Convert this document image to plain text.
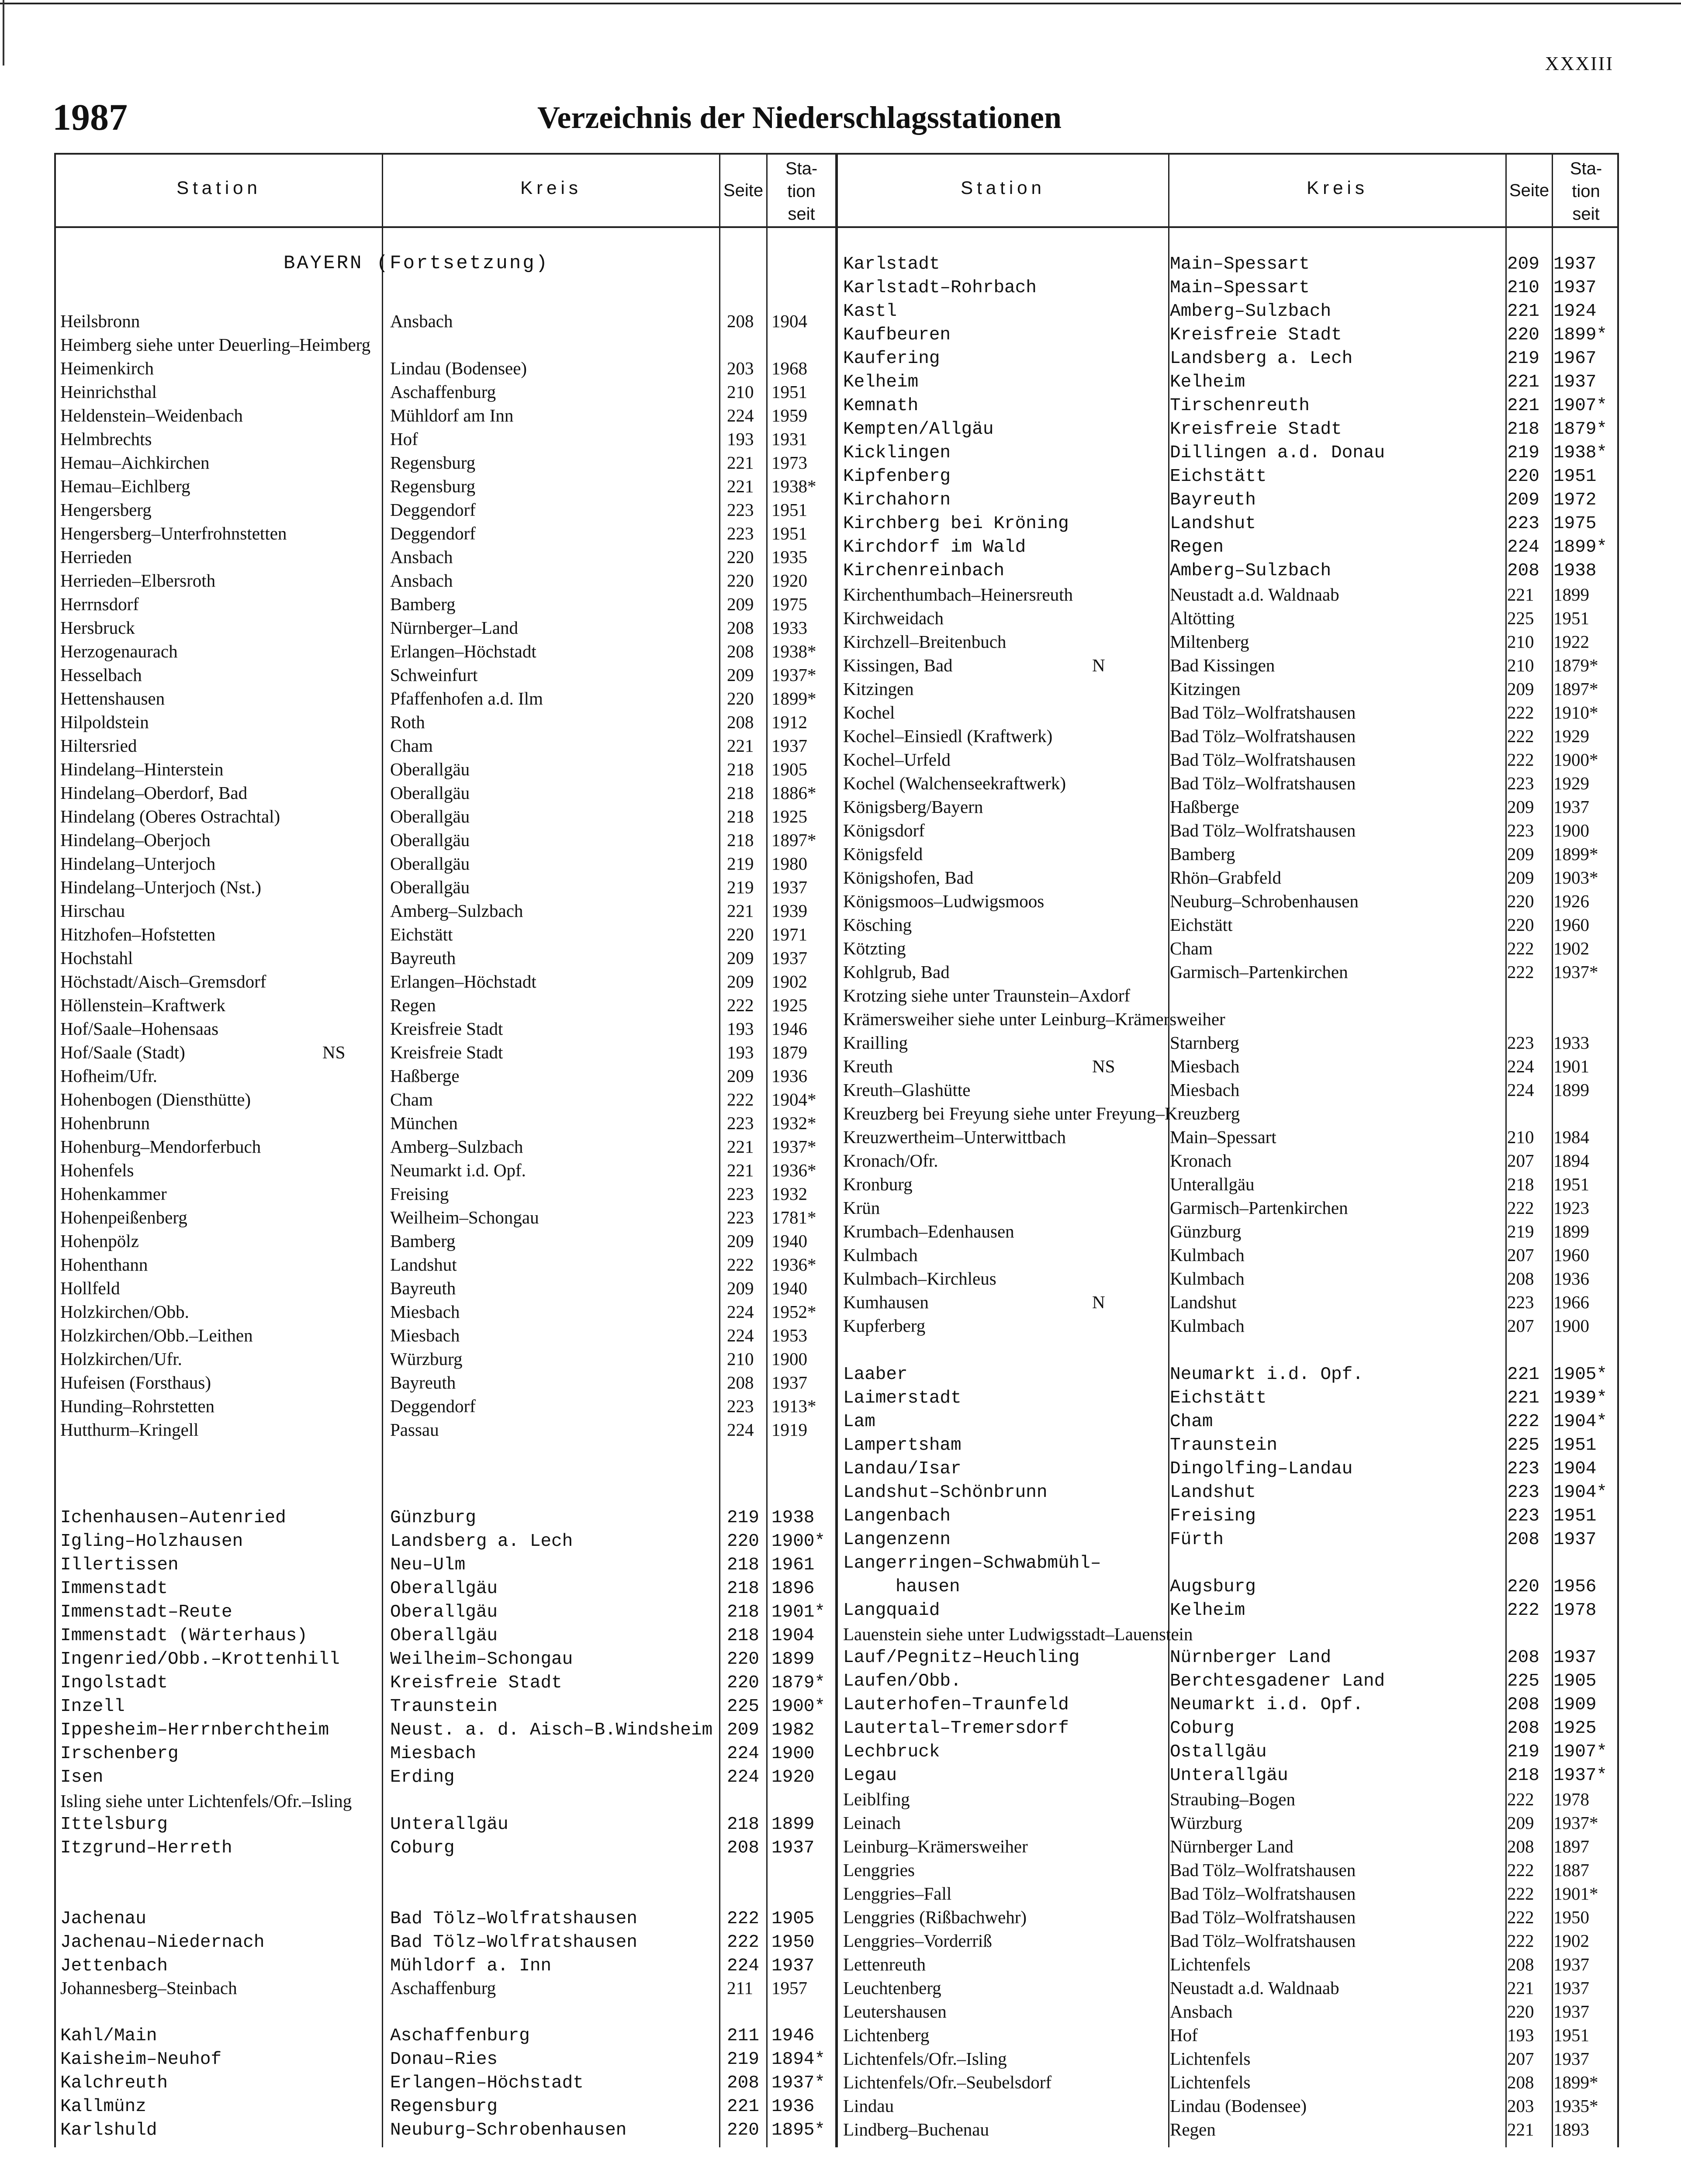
XXXIII
1987	Verzeichnis der Niederschlagsstationen
Station	Kreis	Seite
Sta-
tion
seit
Station	Kreis	Seite
Sta-
tion
seit
BAYERN (Fortsetzung)
Heilsbronn	Ansbach	208 1904
Heimberg siehe unter Deuerling–Heimberg
Heimenkirch	Lindau (Bodensee)	203 1968
Heinrichsthal	Aschaffenburg	210 1951
Heldenstein–Weidenbach	Mühldorf am Inn	224 1959
Helmbrechts	Hof	193 1931
Hemau–Aichkirchen	Regensburg	221 1973
Hemau–Eichlberg	Regensburg	221 1938*
Hengersberg	Deggendorf	223 1951
Hengersberg–Unterfrohnstetten	Deggendorf	223 1951
Herrieden	Ansbach	220 1935
Herrieden–Elbersroth	Ansbach	220 1920
Herrnsdorf	Bamberg	209 1975
Hersbruck	Nürnberger–Land	208 1933
Herzogenaurach	Erlangen–Höchstadt	208 1938*
Hesselbach	Schweinfurt	209 1937*
Hettenshausen	Pfaffenhofen a.d. Ilm	220 1899*
Hilpoldstein	Roth	208 1912
Hiltersried	Cham	221 1937
Hindelang–Hinterstein	Oberallgäu	218 1905
Hindelang–Oberdorf, Bad	Oberallgäu	218 1886*
Hindelang (Oberes Ostrachtal)	Oberallgäu	218 1925
Hindelang–Oberjoch	Oberallgäu	218 1897*
Hindelang–Unterjoch	Oberallgäu	219 1980
Hindelang–Unterjoch (Nst.)	Oberallgäu	219 1937
Hirschau	Amberg–Sulzbach	221 1939
Hitzhofen–Hofstetten	Eichstätt	220 1971
Hochstahl	Bayreuth	209 1937
Höchstadt/Aisch–Gremsdorf	Erlangen–Höchstadt	209 1902
Höllenstein–Kraftwerk	Regen	222 1925
Hof/Saale–Hohensaas	Kreisfreie Stadt	193 1946
Hof/Saale (Stadt)	NS	Kreisfreie Stadt	193 1879
Hofheim/Ufr.	Haßberge	209 1936
Hohenbogen (Diensthütte)	Cham	222 1904*
Hohenbrunn	München	223 1932*
Hohenburg–Mendorferbuch	Amberg–Sulzbach	221 1937*
Hohenfels	Neumarkt i.d. Opf.	221 1936*
Hohenkammer	Freising	223 1932
Hohenpeißenberg	Weilheim–Schongau	223 1781*
Hohenpölz	Bamberg	209 1940
Hohenthann	Landshut	222 1936*
Hollfeld	Bayreuth	209 1940
Holzkirchen/Obb.	Miesbach	224 1952*
Holzkirchen/Obb.–Leithen	Miesbach	224 1953
Holzkirchen/Ufr.	Würzburg	210 1900
Hufeisen (Forsthaus)	Bayreuth	208 1937
Hunding–Rohrstetten	Deggendorf	223 1913*
Hutthurm–Kringell	Passau	224 1919
Ichenhausen–Autenried	Günzburg	219 1938
Igling–Holzhausen	Landsberg a. Lech	220 1900*
Illertissen	Neu–Ulm	218 1961
Immenstadt	Oberallgäu	218 1896
Immenstadt–Reute	Oberallgäu	218 1901*
Immenstadt (Wärterhaus)	Oberallgäu	218 1904
Ingenried/Obb.–Krottenhill	Weilheim–Schongau	220 1899
Ingolstadt	Kreisfreie Stadt	220 1879*
Inzell	Traunstein	225 1900*
Ippesheim–Herrnberchtheim	Neust. a. d. Aisch–B.Windsheim 209 1982
Irschenberg	Miesbach	224 1900
Isen	Erding	224 1920
Isling siehe unter Lichtenfels/Ofr.–Isling
Ittelsburg	Unterallgäu	218 1899
Itzgrund–Herreth	Coburg	208 1937
Jachenau	Bad Tölz–Wolfratshausen	222 1905
Jachenau–Niedernach	Bad Tölz–Wolfratshausen	222 1950
Jettenbach	Mühldorf a. Inn	224 1937
Johannesberg–Steinbach	Aschaffenburg	211 1957
Kahl/Main	Aschaffenburg	211 1946
Kaisheim–Neuhof	Donau–Ries	219 1894*
Kalchreuth	Erlangen–Höchstadt	208 1937*
Kallmünz	Regensburg	221 1936
Karlshuld	Neuburg–Schrobenhausen	220 1895*
Karlstadt	Main–Spessart	209 1937
Karlstadt–Rohrbach	Main–Spessart	210 1937
Kastl	Amberg–Sulzbach	221 1924
Kaufbeuren	Kreisfreie Stadt	220 1899*
Kaufering	Landsberg a. Lech	219 1967
Kelheim	Kelheim	221 1937
Kemnath	Tirschenreuth	221 1907*
Kempten/Allgäu	Kreisfreie Stadt	218 1879*
Kicklingen	Dillingen a.d. Donau	219 1938*
Kipfenberg	Eichstätt	220 1951
Kirchahorn	Bayreuth	209 1972
Kirchberg bei Kröning	Landshut	223 1975
Kirchdorf im Wald	Regen	224 1899*
Kirchenreinbach	Amberg–Sulzbach	208 1938
Kirchenthumbach–Heinersreuth	Neustadt a.d. Waldnaab	221 1899
Kirchweidach	Altötting	225 1951
Kirchzell–Breitenbuch	Miltenberg	210 1922
Kissingen, Bad	N	Bad Kissingen	210 1879*
Kitzingen	Kitzingen	209 1897*
Kochel	Bad Tölz–Wolfratshausen	222 1910*
Kochel–Einsiedl (Kraftwerk)	Bad Tölz–Wolfratshausen	222 1929
Kochel–Urfeld	Bad Tölz–Wolfratshausen	222 1900*
Kochel (Walchenseekraftwerk)	Bad Tölz–Wolfratshausen	223 1929
Königsberg/Bayern	Haßberge	209 1937
Königsdorf	Bad Tölz–Wolfratshausen	223 1900
Königsfeld	Bamberg	209 1899*
Königshofen, Bad	Rhön–Grabfeld	209 1903*
Königsmoos–Ludwigsmoos	Neuburg–Schrobenhausen	220 1926
Kösching	Eichstätt	220 1960
Kötzting	Cham	222 1902
Kohlgrub, Bad	Garmisch–Partenkirchen	222 1937*
Krotzing siehe unter Traunstein–Axdorf
Krämersweiher siehe unter Leinburg–Krämersweiher
Krailling	Starnberg	223 1933
Kreuth	NS	Miesbach	224 1901
Kreuth–Glashütte	Miesbach	224 1899
Kreuzberg bei Freyung siehe unter Freyung–Kreuzberg
Kreuzwertheim–Unterwittbach	Main–Spessart	210 1984
Kronach/Ofr.	Kronach	207 1894
Kronburg	Unterallgäu	218 1951
Krün	Garmisch–Partenkirchen	222 1923
Krumbach–Edenhausen	Günzburg	219 1899
Kulmbach	Kulmbach	207 1960
Kulmbach–Kirchleus	Kulmbach	208 1936
Kumhausen	N	Landshut	223 1966
Kupferberg	Kulmbach	207 1900
Laaber	Neumarkt i.d. Opf.	221 1905*
Laimerstadt	Eichstätt	221 1939*
Lam	Cham	222 1904*
Lampertsham	Traunstein	225 1951
Landau/Isar	Dingolfing–Landau	223 1904
Landshut–Schönbrunn	Landshut	223 1904*
Langenbach	Freising	223 1951
Langenzenn	Fürth	208 1937
Langerringen–Schwabmühl–
hausen	Augsburg	220 1956
Langquaid	Kelheim	222 1978
Lauenstein siehe unter Ludwigsstadt–Lauenstein
Lauf/Pegnitz–Heuchling	Nürnberger Land	208 1937
Laufen/Obb.	Berchtesgadener Land	225 1905
Lauterhofen–Traunfeld	Neumarkt i.d. Opf.	208 1909
Lautertal–Tremersdorf	Coburg	208 1925
Lechbruck	Ostallgäu	219 1907*
Legau	Unterallgäu	218 1937*
Leiblfing	Straubing–Bogen	222 1978
Leinach	Würzburg	209 1937*
Leinburg–Krämersweiher	Nürnberger Land	208 1897
Lenggries	Bad Tölz–Wolfratshausen	222 1887
Lenggries–Fall	Bad Tölz–Wolfratshausen	222 1901*
Lenggries (Rißbachwehr)	Bad Tölz–Wolfratshausen	222 1950
Lenggries–Vorderriß	Bad Tölz–Wolfratshausen	222 1902
Lettenreuth	Lichtenfels	208 1937
Leuchtenberg	Neustadt a.d. Waldnaab	221 1937
Leutershausen	Ansbach	220 1937
Lichtenberg	Hof	193 1951
Lichtenfels/Ofr.–Isling	Lichtenfels	207 1937
Lichtenfels/Ofr.–Seubelsdorf	Lichtenfels	208 1899*
Lindau	Lindau (Bodensee)	203 1935*
Lindberg–Buchenau	Regen	221 1893
